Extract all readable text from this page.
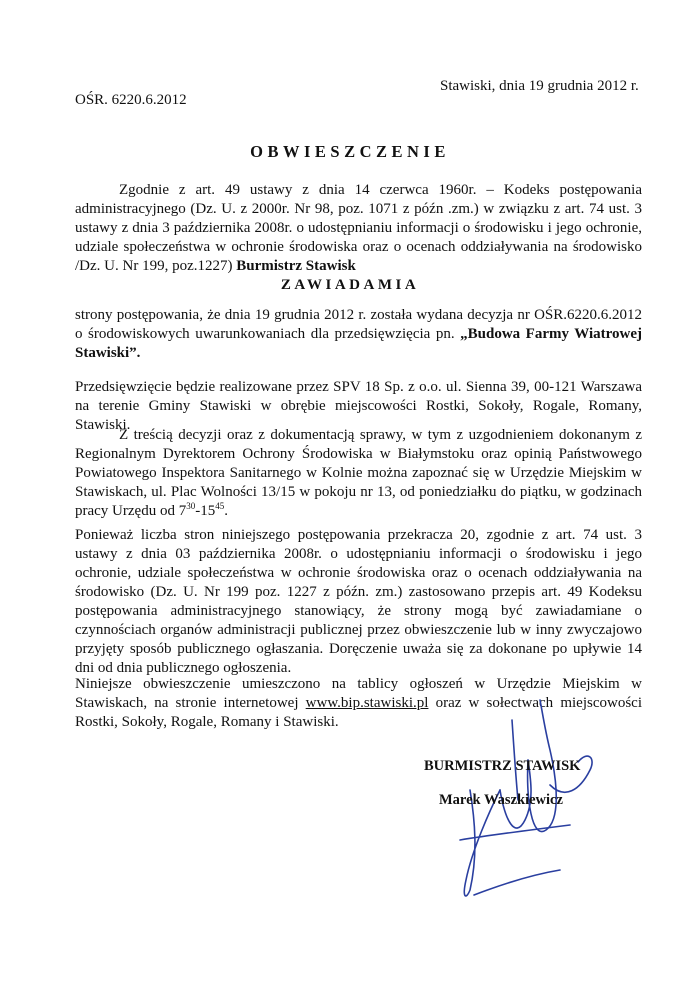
Stawiski, dnia 19 grudnia 2012 r.
OŚR. 6220.6.2012
OBWIESZCZENIE

Zgodnie z art. 49 ustawy z dnia 14 czerwca 1960r. – Kodeks postępowania administracyjnego (Dz. U. z 2000r. Nr 98, poz. 1071 z późn .zm.) w związku z art. 74 ust. 3 ustawy z dnia 3 października 2008r. o udostępnianiu informacji o środowisku i jego ochronie, udziale społeczeństwa w ochronie środowiska oraz o ocenach oddziaływania na środowisko /Dz. U. Nr 199, poz.1227) Burmistrz Stawisk

ZAWIADAMIA

strony postępowania, że dnia 19 grudnia 2012 r. została wydana decyzja nr OŚR.6220.6.2012 o środowiskowych uwarunkowaniach dla przedsięwzięcia pn. „Budowa Farmy Wiatrowej Stawiski”.

Przedsięwzięcie będzie realizowane przez SPV 18 Sp. z o.o. ul. Sienna 39, 00-121 Warszawa na terenie Gminy Stawiski w obrębie miejscowości Rostki, Sokoły, Rogale, Romany, Stawiski.

Z treścią decyzji oraz z dokumentacją sprawy, w tym z uzgodnieniem dokonanym z Regionalnym Dyrektorem Ochrony Środowiska w Białymstoku oraz opinią Państwowego Powiatowego Inspektora Sanitarnego w Kolnie można zapoznać się w Urzędzie Miejskim w Stawiskach, ul. Plac Wolności 13/15 w pokoju nr 13, od poniedziałku do piątku, w godzinach pracy Urzędu od $7^{30}-15^{45}$.

Ponieważ liczba stron niniejszego postępowania przekracza 20, zgodnie z art. 74 ust. 3 ustawy z dnia 03 października 2008r. o udostępnianiu informacji o środowisku i jego ochronie, udziale społeczeństwa w ochronie środowiska oraz o ocenach oddziaływania na środowisko (Dz. U. Nr 199 poz. 1227 z późn. zm.) zastosowano przepis art. 49 Kodeksu postępowania administracyjnego stanowiący, że strony mogą być zawiadamiane o czynnościach organów administracji publicznej przez obwieszczenie lub w inny zwyczajowo przyjęty sposób publicznego ogłaszania. Doręczenie uważa się za dokonane po upływie 14 dni od dnia publicznego ogłoszenia.

Niniejsze obwieszczenie umieszczono na tablicy ogłoszeń w Urzędzie Miejskim w Stawiskach, na stronie internetowej www.bip.stawiski.pl oraz w sołectwach miejscowości Rostki, Sokoły, Rogale, Romany i Stawiski.

BURMISTRZ STAWISK
Marek Waszkiewicz
